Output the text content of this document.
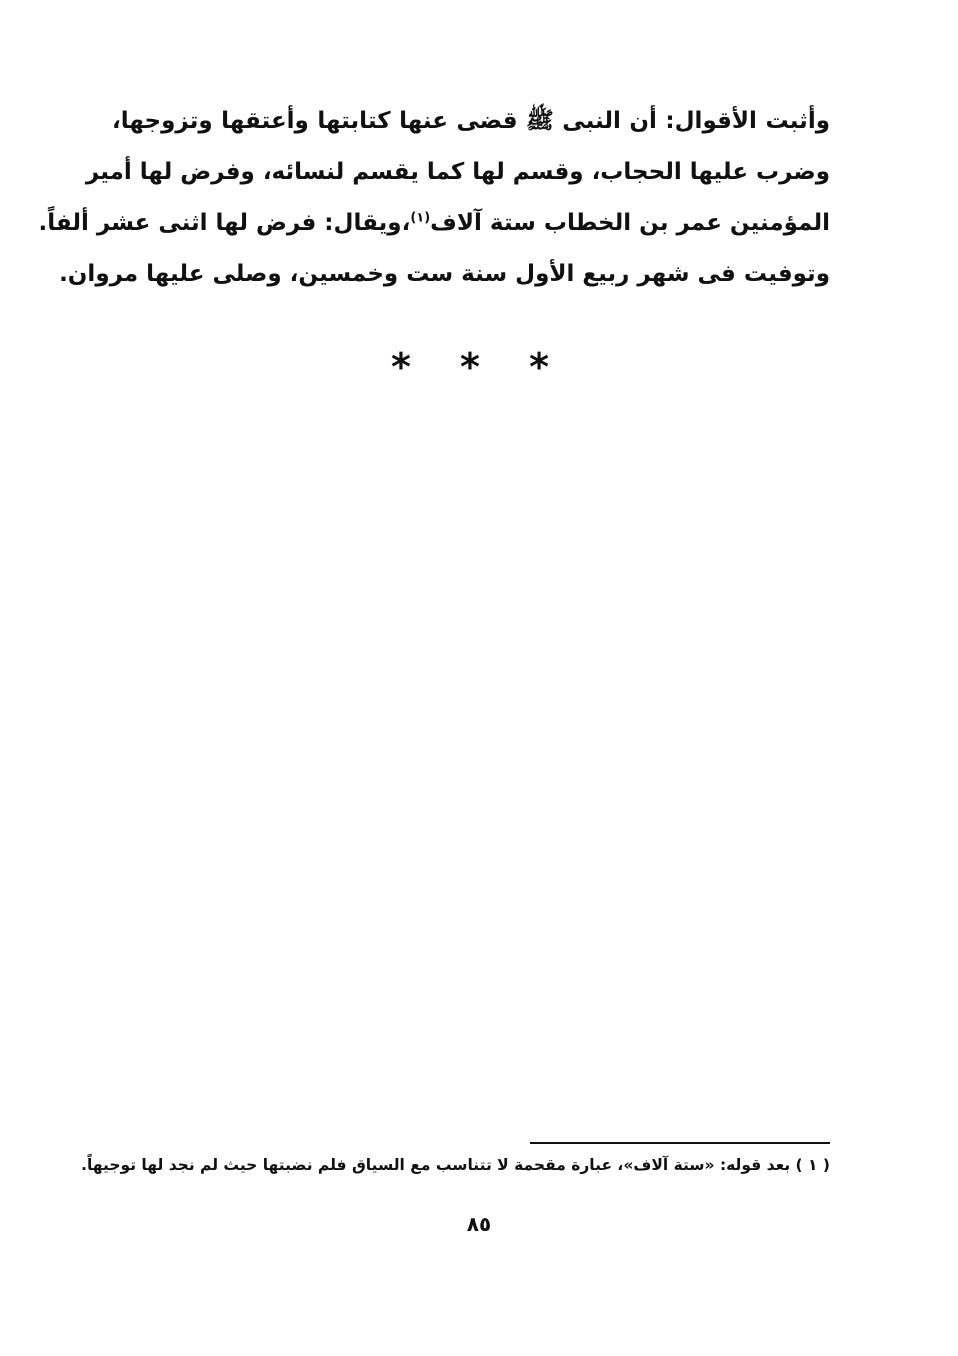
وأثبت الأقوال: أن النبى ﷺ قضى عنها كتابتها وأعتقها وتزوجها،
وضرب عليها الحجاب، وقسم لها كما يقسم لنسائه، وفرض لها أمير
المؤمنين عمر بن الخطاب ستة آلاف$^{(١)}$،ويقال: فرض لها اثنى عشر ألفاً.
وتوفيت فى شهر ربيع الأول سنة ست وخمسين، وصلى عليها مروان.
* * *
( ١ ) بعد قوله: «ستة آلاف»، عبارة مقحمة لا تتناسب مع السياق فلم نضبتها حيث لم نجد لها توجيهاً.
٨٥
